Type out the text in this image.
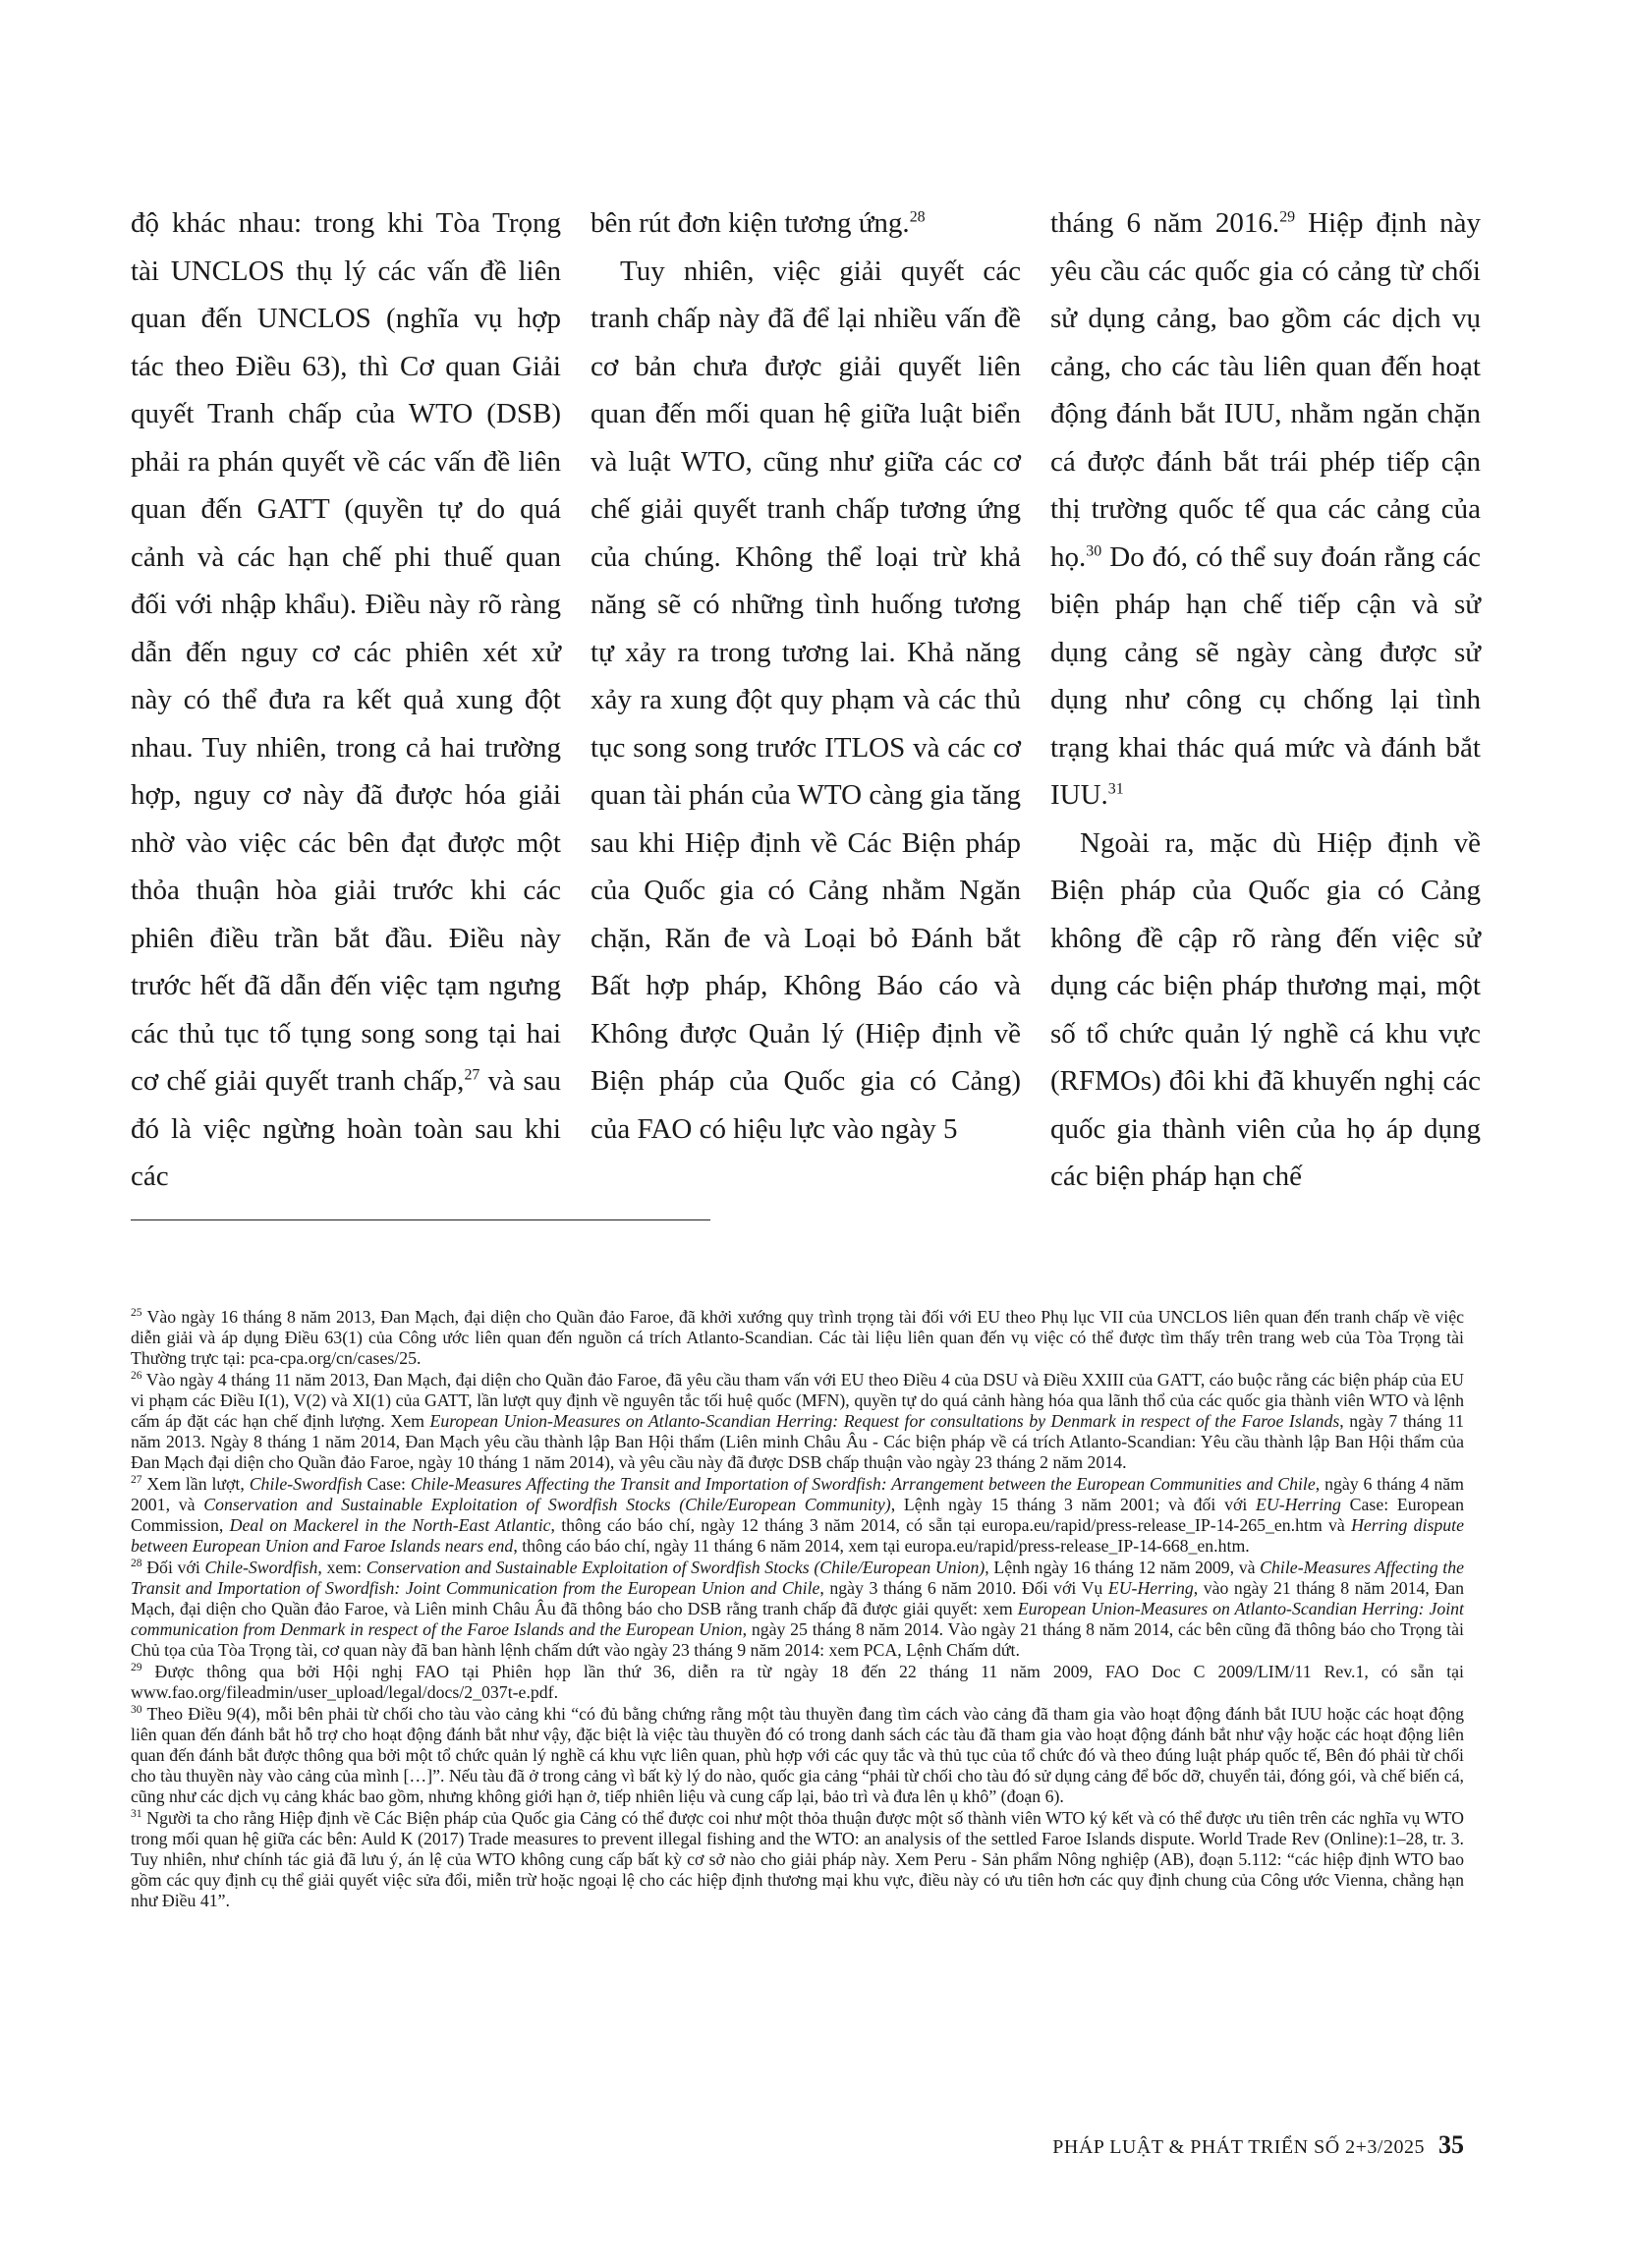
độ khác nhau: trong khi Tòa Trọng tài UNCLOS thụ lý các vấn đề liên quan đến UNCLOS (nghĩa vụ hợp tác theo Điều 63), thì Cơ quan Giải quyết Tranh chấp của WTO (DSB) phải ra phán quyết về các vấn đề liên quan đến GATT (quyền tự do quá cảnh và các hạn chế phi thuế quan đối với nhập khẩu). Điều này rõ ràng dẫn đến nguy cơ các phiên xét xử này có thể đưa ra kết quả xung đột nhau. Tuy nhiên, trong cả hai trường hợp, nguy cơ này đã được hóa giải nhờ vào việc các bên đạt được một thỏa thuận hòa giải trước khi các phiên điều trần bắt đầu. Điều này trước hết đã dẫn đến việc tạm ngưng các thủ tục tố tụng song song tại hai cơ chế giải quyết tranh chấp,$^{27}$ và sau đó là việc ngừng hoàn toàn sau khi các

bên rút đơn kiện tương ứng.$^{28}$

Tuy nhiên, việc giải quyết các tranh chấp này đã để lại nhiều vấn đề cơ bản chưa được giải quyết liên quan đến mối quan hệ giữa luật biển và luật WTO, cũng như giữa các cơ chế giải quyết tranh chấp tương ứng của chúng. Không thể loại trừ khả năng sẽ có những tình huống tương tự xảy ra trong tương lai. Khả năng xảy ra xung đột quy phạm và các thủ tục song song trước ITLOS và các cơ quan tài phán của WTO càng gia tăng sau khi Hiệp định về Các Biện pháp của Quốc gia có Cảng nhằm Ngăn chặn, Răn đe và Loại bỏ Đánh bắt Bất hợp pháp, Không Báo cáo và Không được Quản lý (Hiệp định về Biện pháp của Quốc gia có Cảng) của FAO có hiệu lực vào ngày 5

tháng 6 năm 2016.29 Hiệp định này yêu cầu các quốc gia có cảng từ chối sử dụng cảng, bao gồm các dịch vụ cảng, cho các tàu liên quan đến hoạt động đánh bắt IUU, nhằm ngăn chặn cá được đánh bắt trái phép tiếp cận thị trường quốc tế qua các cảng của họ.$^{30}$ Do đó, có thể suy đoán rằng các biện pháp hạn chế tiếp cận và sử dụng cảng sẽ ngày càng được sử dụng như công cụ chống lại tình trạng khai thác quá mức và đánh bắt IUU.$^{31}$

Ngoài ra, mặc dù Hiệp định về Biện pháp của Quốc gia có Cảng không đề cập rõ ràng đến việc sử dụng các biện pháp thương mại, một số tổ chức quản lý nghề cá khu vực (RFMOs) đôi khi đã khuyến nghị các quốc gia thành viên của họ áp dụng các biện pháp hạn chế

$^{25}$ Vào ngày 16 tháng 8 năm 2013, Đan Mạch, đại diện cho Quần đảo Faroe, đã khởi xướng quy trình trọng tài đối với EU theo Phụ lục VII của UNCLOS liên quan đến tranh chấp về việc diễn giải và áp dụng Điều 63(1) của Công ước liên quan đến nguồn cá trích Atlanto-Scandian. Các tài liệu liên quan đến vụ việc có thể được tìm thấy trên trang web của Tòa Trọng tài Thường trực tại: pca-cpa.org/cn/cases/25.

$^{26}$ Vào ngày 4 tháng 11 năm 2013, Đan Mạch, đại diện cho Quần đảo Faroe, đã yêu cầu tham vấn với EU theo Điều 4 của DSU và Điều XXIII của GATT, cáo buộc rằng các biện pháp của EU vi phạm các Điều I(1), V(2) và XI(1) của GATT, lần lượt quy định về nguyên tắc tối huệ quốc (MFN), quyền tự do quá cảnh hàng hóa qua lãnh thổ của các quốc gia thành viên WTO và lệnh cấm áp đặt các hạn chế định lượng. Xem European Union-Measures on Atlanto-Scandian Herring: Request for consultations by Denmark in respect of the Faroe Islands, ngày 7 tháng 11 năm 2013. Ngày 8 tháng 1 năm 2014, Đan Mạch yêu cầu thành lập Ban Hội thẩm (Liên minh Châu Âu - Các biện pháp về cá trích Atlanto-Scandian: Yêu cầu thành lập Ban Hội thẩm của Đan Mạch đại diện cho Quần đảo Faroe, ngày 10 tháng 1 năm 2014), và yêu cầu này đã được DSB chấp thuận vào ngày 23 tháng 2 năm 2014.

$^{27}$ Xem lần lượt, Chile-Swordfish Case: Chile-Measures Affecting the Transit and Importation of Swordfish: Arrangement between the European Communities and Chile, ngày 6 tháng 4 năm 2001, và Conservation and Sustainable Exploitation of Swordfish Stocks (Chile/European Community), Lệnh ngày 15 tháng 3 năm 2001; và đối với EU-Herring Case: European Commission, Deal on Mackerel in the North-East Atlantic, thông cáo báo chí, ngày 12 tháng 3 năm 2014, có sẵn tại europa.eu/rapid/press-release_IP-14-265_en.htm và Herring dispute between European Union and Faroe Islands nears end, thông cáo báo chí, ngày 11 tháng 6 năm 2014, xem tại europa.eu/rapid/press-release_IP-14-668_en.htm.

$^{28}$ Đối với Chile-Swordfish, xem: Conservation and Sustainable Exploitation of Swordfish Stocks (Chile/European Union), Lệnh ngày 16 tháng 12 năm 2009, và Chile-Measures Affecting the Transit and Importation of Swordfish: Joint Communication from the European Union and Chile, ngày 3 tháng 6 năm 2010. Đối với Vụ EU-Herring, vào ngày 21 tháng 8 năm 2014, Đan Mạch, đại diện cho Quần đảo Faroe, và Liên minh Châu Âu đã thông báo cho DSB rằng tranh chấp đã được giải quyết: xem European Union-Measures on Atlanto-Scandian Herring: Joint communication from Denmark in respect of the Faroe Islands and the European Union, ngày 25 tháng 8 năm 2014. Vào ngày 21 tháng 8 năm 2014, các bên cũng đã thông báo cho Trọng tài Chủ tọa của Tòa Trọng tài, cơ quan này đã ban hành lệnh chấm dứt vào ngày 23 tháng 9 năm 2014: xem PCA, Lệnh Chấm dứt.

$^{29}$ Được thông qua bởi Hội nghị FAO tại Phiên họp lần thứ 36, diễn ra từ ngày 18 đến 22 tháng 11 năm 2009, FAO Doc C 2009/LIM/11 Rev.1, có sẵn tại www.fao.org/fileadmin/user_upload/legal/docs/2_037t-e.pdf.

$^{30}$ Theo Điều 9(4), mỗi bên phải từ chối cho tàu vào cảng khi “có đủ bằng chứng rằng một tàu thuyền đang tìm cách vào cảng đã tham gia vào hoạt động đánh bắt IUU hoặc các hoạt động liên quan đến đánh bắt hỗ trợ cho hoạt động đánh bắt như vậy, đặc biệt là việc tàu thuyền đó có trong danh sách các tàu đã tham gia vào hoạt động đánh bắt như vậy hoặc các hoạt động liên quan đến đánh bắt được thông qua bởi một tổ chức quản lý nghề cá khu vực liên quan, phù hợp với các quy tắc và thủ tục của tổ chức đó và theo đúng luật pháp quốc tế, Bên đó phải từ chối cho tàu thuyền này vào cảng của mình […]”. Nếu tàu đã ở trong cảng vì bất kỳ lý do nào, quốc gia cảng “phải từ chối cho tàu đó sử dụng cảng để bốc dỡ, chuyển tải, đóng gói, và chế biến cá, cũng như các dịch vụ cảng khác bao gồm, nhưng không giới hạn ở, tiếp nhiên liệu và cung cấp lại, bảo trì và đưa lên ụ khô” (đoạn 6).

$^{31}$ Người ta cho rằng Hiệp định về Các Biện pháp của Quốc gia Cảng có thể được coi như một thỏa thuận được một số thành viên WTO ký kết và có thể được ưu tiên trên các nghĩa vụ WTO trong mối quan hệ giữa các bên: Auld K (2017) Trade measures to prevent illegal fishing and the WTO: an analysis of the settled Faroe Islands dispute. World Trade Rev (Online):1–28, tr. 3. Tuy nhiên, như chính tác giả đã lưu ý, án lệ của WTO không cung cấp bất kỳ cơ sở nào cho giải pháp này. Xem Peru - Sản phẩm Nông nghiệp (AB), đoạn 5.112: “các hiệp định WTO bao gồm các quy định cụ thể giải quyết việc sửa đổi, miễn trừ hoặc ngoại lệ cho các hiệp định thương mại khu vực, điều này có ưu tiên hơn các quy định chung của Công ước Vienna, chẳng hạn như Điều 41”.

PHÁP LUẬT & PHÁT TRIỂN SỐ 2+3/2025 35
